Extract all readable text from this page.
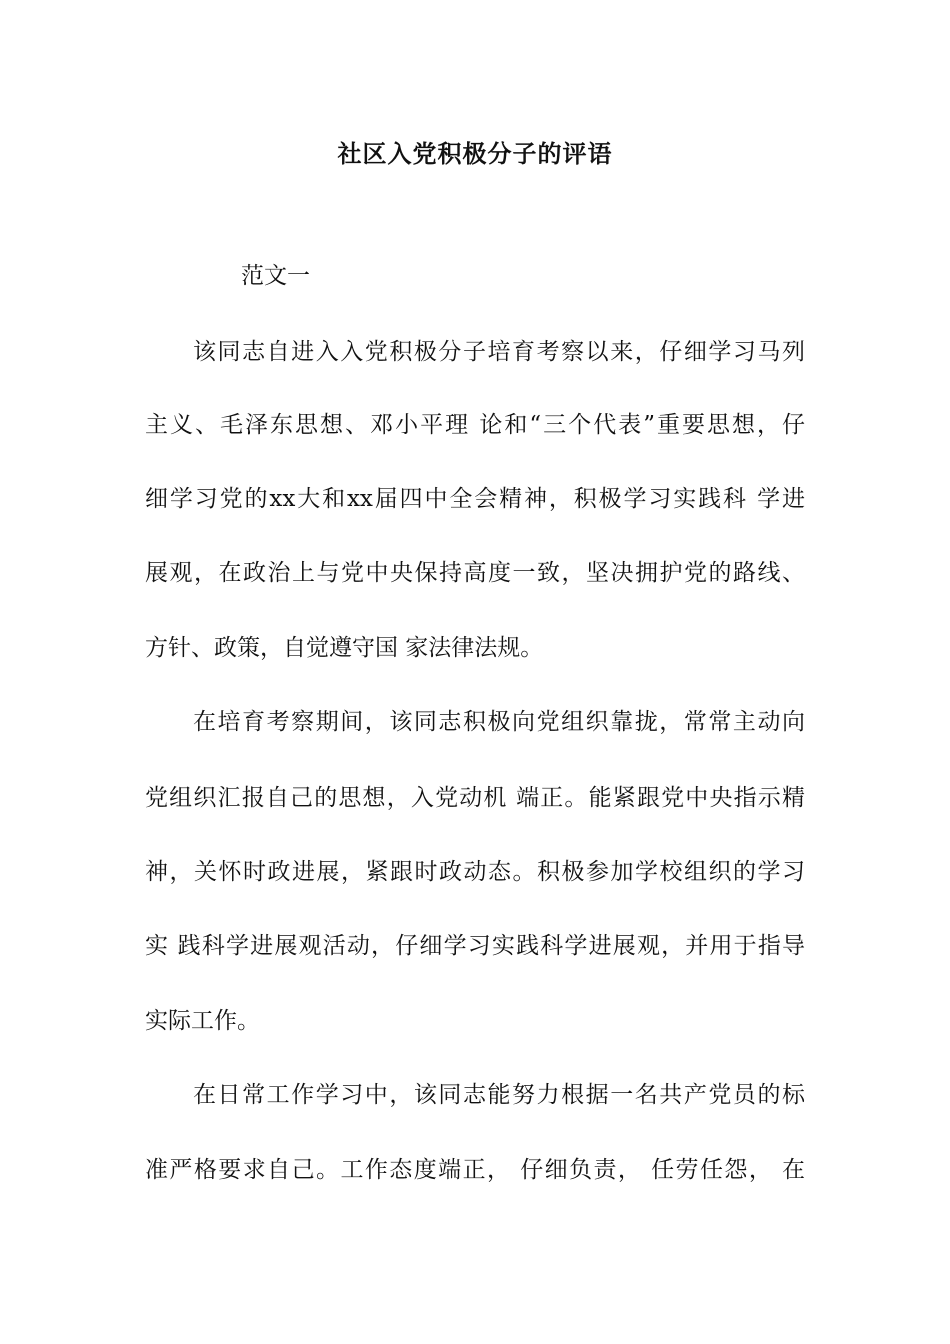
社区入党积极分子的评语
范文一
该同志自进入入党积极分子培育考察以来，仔细学习马列
主义、毛泽东思想、邓小平理 论和“三个代表”重要思想，仔
细学习党的xx大和xx届四中全会精神，积极学习实践科 学进
展观，在政治上与党中央保持高度一致，坚决拥护党的路线、
方针、政策，自觉遵守国 家法律法规。
在培育考察期间，该同志积极向党组织靠拢，常常主动向
党组织汇报自己的思想，入党动机 端正。能紧跟党中央指示精
神，关怀时政进展，紧跟时政动态。积极参加学校组织的学习
实 践科学进展观活动，仔细学习实践科学进展观，并用于指导
实际工作。
在日常工作学习中，该同志能努力根据一名共产党员的标
准严格要求自己。工作态度端正， 仔细负责， 任劳任怨， 在
